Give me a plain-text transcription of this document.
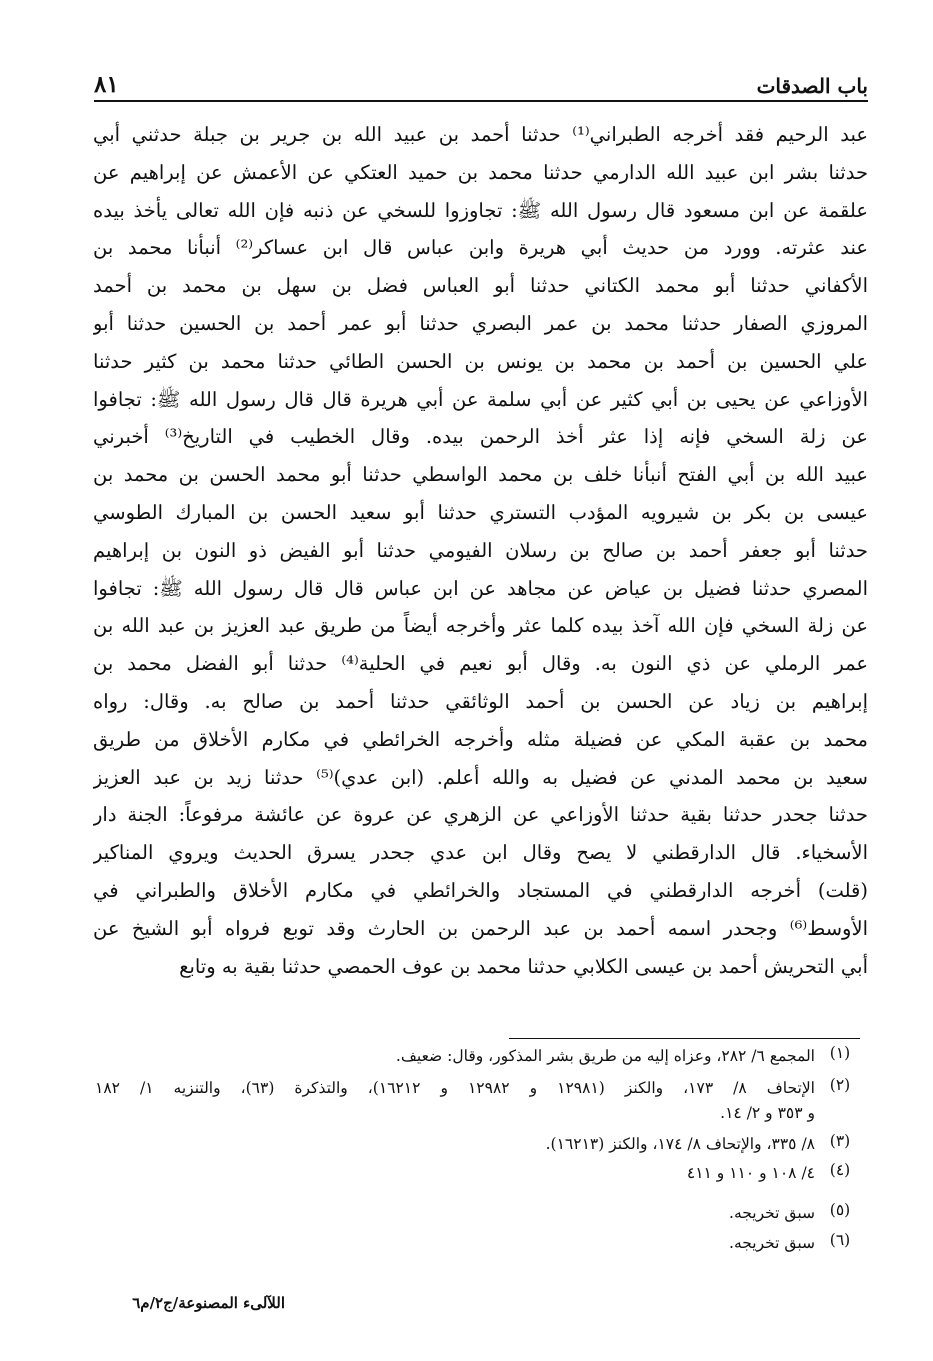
باب الصدقات
٨١
عبد الرحيم فقد أخرجه الطبراني⁽¹⁾ حدثنا أحمد بن عبيد الله بن جرير بن جبلة حدثني أبي
حدثنا بشر ابن عبيد الله الدارمي حدثنا محمد بن حميد العتكي عن الأعمش عن إبراهيم عن
علقمة عن ابن مسعود قال رسول الله ﷺ: تجاوزوا للسخي عن ذنبه فإن الله تعالى يأخذ بيده
عند عثرته. وورد من حديث أبي هريرة وابن عباس قال ابن عساكر⁽²⁾ أنبأنا محمد بن
الأكفاني حدثنا أبو محمد الكتاني حدثنا أبو العباس فضل بن سهل بن محمد بن أحمد
المروزي الصفار حدثنا محمد بن عمر البصري حدثنا أبو عمر أحمد بن الحسين حدثنا أبو
علي الحسين بن أحمد بن محمد بن يونس بن الحسن الطائي حدثنا محمد بن كثير حدثنا
الأوزاعي عن يحيى بن أبي كثير عن أبي سلمة عن أبي هريرة قال قال رسول الله ﷺ: تجافوا
عن زلة السخي فإنه إذا عثر أخذ الرحمن بيده. وقال الخطيب في التاريخ⁽³⁾ أخبرني
عبيد الله بن أبي الفتح أنبأنا خلف بن محمد الواسطي حدثنا أبو محمد الحسن بن محمد بن
عيسى بن بكر بن شيرويه المؤدب التستري حدثنا أبو سعيد الحسن بن المبارك الطوسي
حدثنا أبو جعفر أحمد بن صالح بن رسلان الفيومي حدثنا أبو الفيض ذو النون بن إبراهيم
المصري حدثنا فضيل بن عياض عن مجاهد عن ابن عباس قال قال رسول الله ﷺ: تجافوا
عن زلة السخي فإن الله آخذ بيده كلما عثر وأخرجه أيضاً من طريق عبد العزيز بن عبد الله بن
عمر الرملي عن ذي النون به. وقال أبو نعيم في الحلية⁽⁴⁾ حدثنا أبو الفضل محمد بن
إبراهيم بن زياد عن الحسن بن أحمد الوثائقي حدثنا أحمد بن صالح به. وقال: رواه
محمد بن عقبة المكي عن فضيلة مثله وأخرجه الخرائطي في مكارم الأخلاق من طريق
سعيد بن محمد المدني عن فضيل به والله أعلم. (ابن عدي)⁽⁵⁾ حدثنا زيد بن عبد العزيز
حدثنا جحدر حدثنا بقية حدثنا الأوزاعي عن الزهري عن عروة عن عائشة مرفوعاً: الجنة دار
الأسخياء. قال الدارقطني لا يصح وقال ابن عدي جحدر يسرق الحديث ويروي المناكير
(قلت) أخرجه الدارقطني في المستجاد والخرائطي في مكارم الأخلاق والطبراني في
الأوسط⁽⁶⁾ وجحدر اسمه أحمد بن عبد الرحمن بن الحارث وقد توبع فرواه أبو الشيخ عن
أبي التحريش أحمد بن عيسى الكلابي حدثنا محمد بن عوف الحمصي حدثنا بقية به وتابع
(١)
المجمع ٦/ ٢٨٢، وعزاه إليه من طريق بشر المذكور، وقال: ضعيف.
(٢)
الإتحاف ٨/ ١٧٣، والكنز (١٢٩٨١ و ١٢٩٨٢ و ١٦٢١٢)، والتذكرة (٦٣)، والتنزيه ١/ ١٨٢
و ٣٥٣ و ٢/ ١٤.
(٣)
٨/ ٣٣٥، والإتحاف ٨/ ١٧٤، والكنز (١٦٢١٣).
(٤)
٤/ ١٠٨ و ١١٠ و ٤١١
(٥)
سبق تخريجه.
(٦)
سبق تخريجه.
اللآلىء المصنوعة/ج٢/م٦
